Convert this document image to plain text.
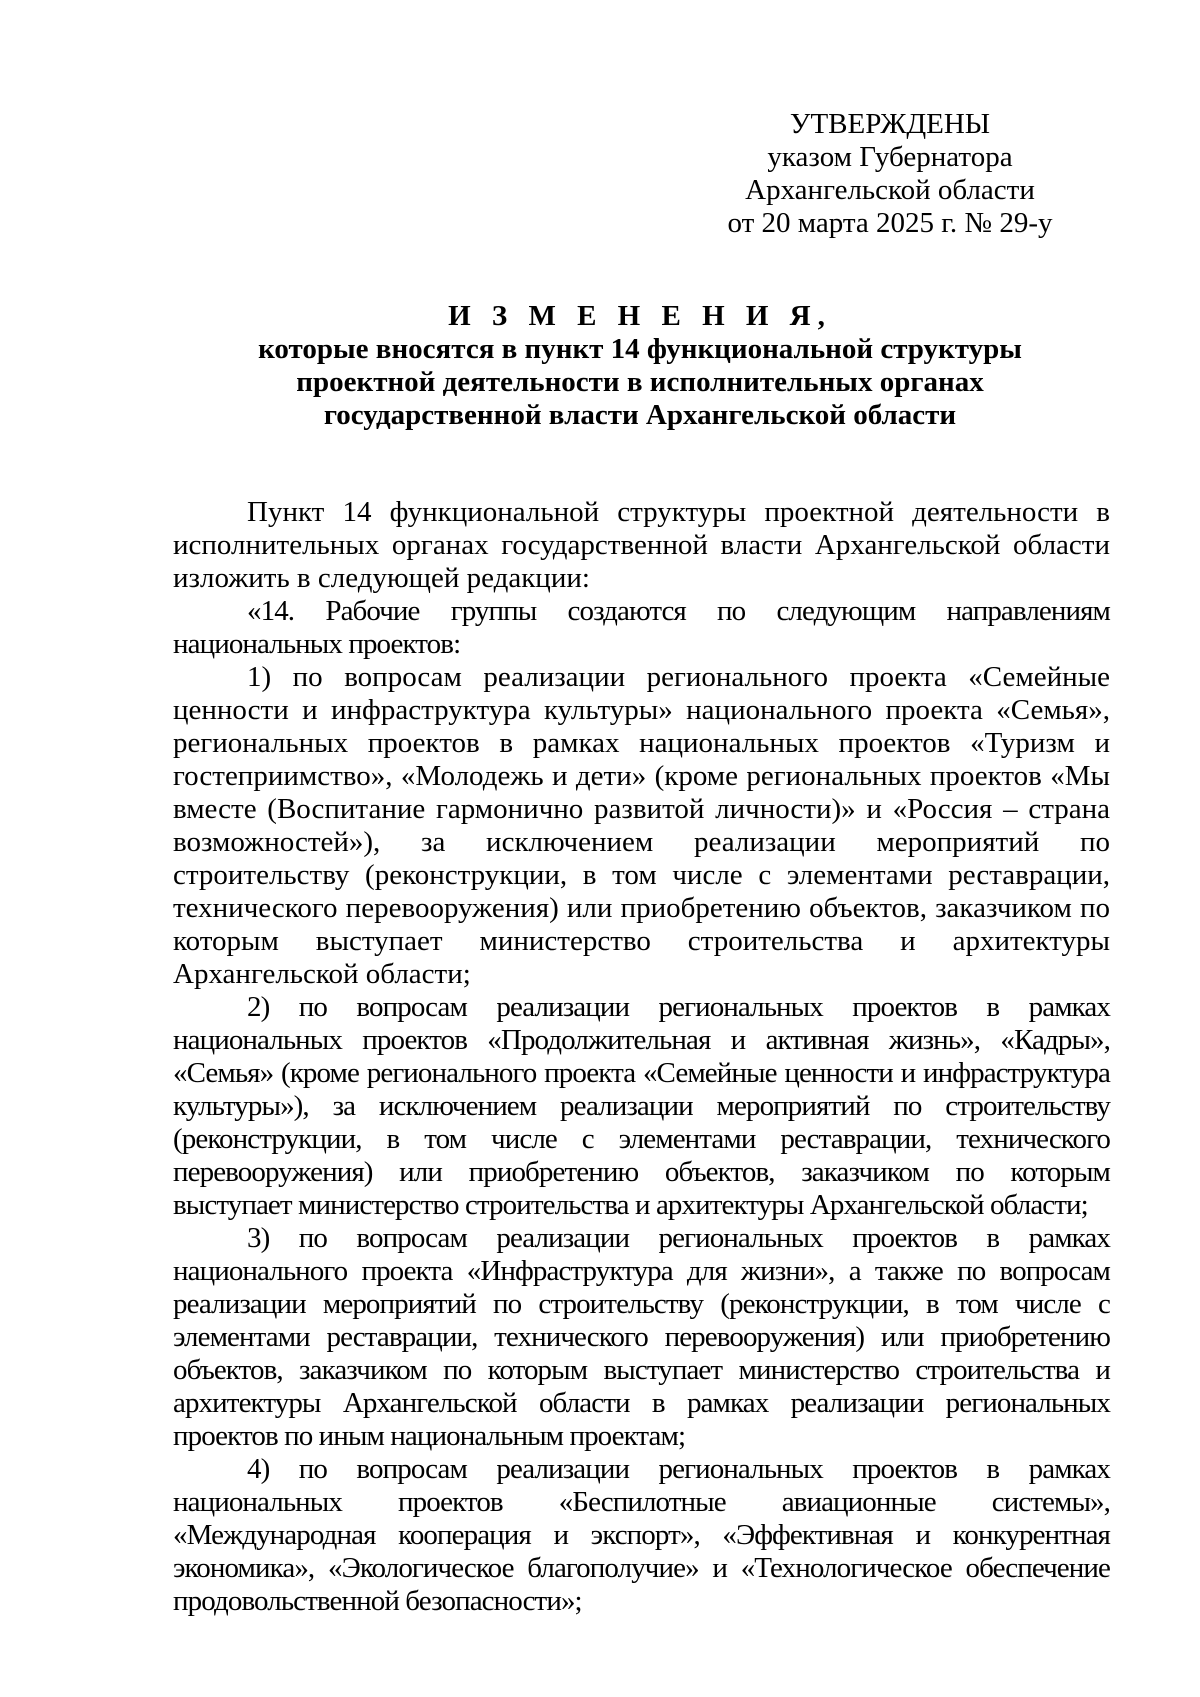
УТВЕРЖДЕНЫ
указом Губернатора
Архангельской области
от 20 марта 2025 г. № 29-у
И З М Е Н Е Н И Я,
которые вносятся в пункт 14 функциональной структуры
проектной деятельности в исполнительных органах
государственной власти Архангельской области

Пункт 14 функциональной структуры проектной деятельности в исполнительных органах государственной власти Архангельской области изложить в следующей редакции:

«14. Рабочие группы создаются по следующим направлениям национальных проектов:

1) по вопросам реализации регионального проекта «Семейные ценности и инфраструктура культуры» национального проекта «Семья», региональных проектов в рамках национальных проектов «Туризм и гостеприимство», «Молодежь и дети» (кроме региональных проектов «Мы вместе (Воспитание гармонично развитой личности)» и «Россия – страна возможностей»), за исключением реализации мероприятий по строительству (реконструкции, в том числе с элементами реставрации, технического перевооружения) или приобретению объектов, заказчиком по которым выступает министерство строительства и архитектуры Архангельской области;

2) по вопросам реализации региональных проектов в рамках национальных проектов «Продолжительная и активная жизнь», «Кадры», «Семья» (кроме регионального проекта «Семейные ценности и инфраструктура культуры»), за исключением реализации мероприятий по строительству (реконструкции, в том числе с элементами реставрации, технического перевооружения) или приобретению объектов, заказчиком по которым выступает министерство строительства и архитектуры Архангельской области;

3) по вопросам реализации региональных проектов в рамках национального проекта «Инфраструктура для жизни», а также по вопросам реализации мероприятий по строительству (реконструкции, в том числе с элементами реставрации, технического перевооружения) или приобретению объектов, заказчиком по которым выступает министерство строительства и архитектуры Архангельской области в рамках реализации региональных проектов по иным национальным проектам;

4) по вопросам реализации региональных проектов в рамках национальных проектов «Беспилотные авиационные системы», «Международная кооперация и экспорт», «Эффективная и конкурентная экономика», «Экологическое благополучие» и «Технологическое обеспечение продовольственной безопасности»;
